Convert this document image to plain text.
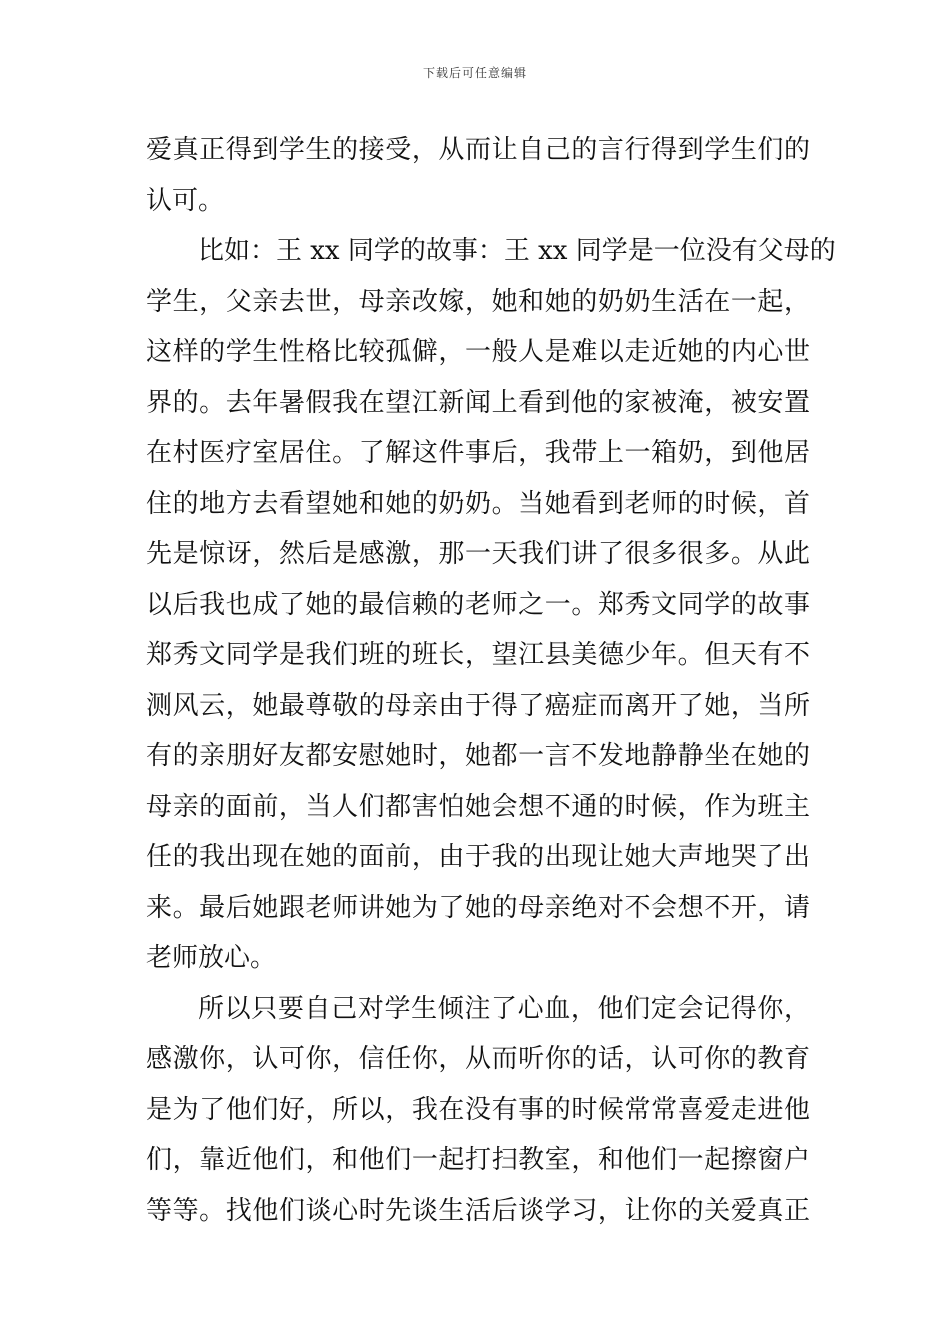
下载后可任意编辑
爱真正得到学生的接受，从而让自己的言行得到学生们的
认可。
比如：王 xx 同学的故事：王 xx 同学是一位没有父母的
学生，父亲去世，母亲改嫁，她和她的奶奶生活在一起，
这样的学生性格比较孤僻，一般人是难以走近她的内心世
界的。去年暑假我在望江新闻上看到他的家被淹，被安置
在村医疗室居住。了解这件事后，我带上一箱奶，到他居
住的地方去看望她和她的奶奶。当她看到老师的时候，首
先是惊讶，然后是感激，那一天我们讲了很多很多。从此
以后我也成了她的最信赖的老师之一。郑秀文同学的故事
郑秀文同学是我们班的班长，望江县美德少年。但天有不
测风云，她最尊敬的母亲由于得了癌症而离开了她，当所
有的亲朋好友都安慰她时，她都一言不发地静静坐在她的
母亲的面前，当人们都害怕她会想不通的时候，作为班主
任的我出现在她的面前，由于我的出现让她大声地哭了出
来。最后她跟老师讲她为了她的母亲绝对不会想不开，请
老师放心。
所以只要自己对学生倾注了心血，他们定会记得你，
感激你，认可你，信任你，从而听你的话，认可你的教育
是为了他们好，所以，我在没有事的时候常常喜爱走进他
们，靠近他们，和他们一起打扫教室，和他们一起擦窗户
等等。找他们谈心时先谈生活后谈学习，让你的关爱真正
